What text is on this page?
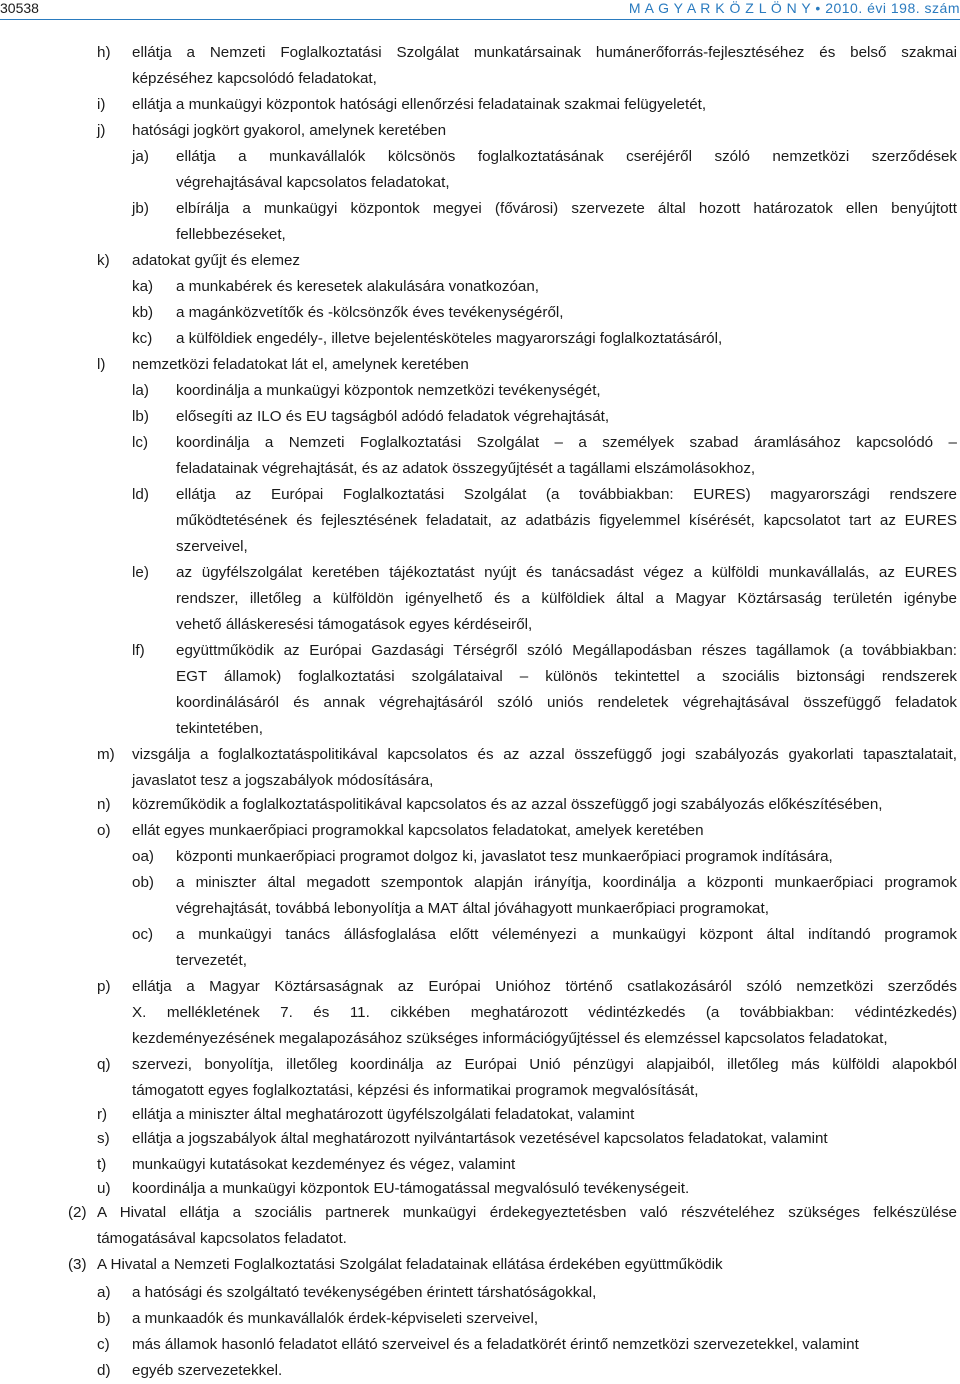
30538	M A G Y A R K Ö Z L Ö N Y • 2010. évi 198. szám
h) ellátja a Nemzeti Foglalkoztatási Szolgálat munkatársainak humánerőforrás-fejlesztéséhez és belső szakmai
képzéséhez kapcsolódó feladatokat,
i) ellátja a munkaügyi központok hatósági ellenőrzési feladatainak szakmai felügyeletét,
j) hatósági jogkört gyakorol, amelynek keretében
ja) ellátja a munkavállalók kölcsönös foglalkoztatásának cseréjéről szóló nemzetközi szerződések
végrehajtásával kapcsolatos feladatokat,
jb) elbírálja a munkaügyi központok megyei (fővárosi) szervezete által hozott határozatok ellen benyújtott
fellebbezéseket,
k) adatokat gyűjt és elemez
ka) a munkabérek és keresetek alakulására vonatkozóan,
kb) a magánközvetítők és -kölcsönzők éves tevékenységéről,
kc) a külföldiek engedély-, illetve bejelentésköteles magyarországi foglalkoztatásáról,
l) nemzetközi feladatokat lát el, amelynek keretében
la) koordinálja a munkaügyi központok nemzetközi tevékenységét,
lb) elősegíti az ILO és EU tagságból adódó feladatok végrehajtását,
lc) koordinálja a Nemzeti Foglalkoztatási Szolgálat – a személyek szabad áramlásához kapcsolódó –
feladatainak végrehajtását, és az adatok összegyűjtését a tagállami elszámolásokhoz,
ld) ellátja az Európai Foglalkoztatási Szolgálat (a továbbiakban: EURES) magyarországi rendszere
működtetésének és fejlesztésének feladatait, az adatbázis figyelemmel kísérését, kapcsolatot tart az EURES
szerveivel,
le) az ügyfélszolgálat keretében tájékoztatást nyújt és tanácsadást végez a külföldi munkavállalás, az EURES
rendszer, illetőleg a külföldön igényelhető és a külföldiek által a Magyar Köztársaság területén igénybe
vehető álláskeresési támogatások egyes kérdéseiről,
lf) együttműködik az Európai Gazdasági Térségről szóló Megállapodásban részes tagállamok (a továbbiakban:
EGT államok) foglalkoztatási szolgálataival – különös tekintettel a szociális biztonsági rendszerek
koordinálásáról és annak végrehajtásáról szóló uniós rendeletek végrehajtásával összefüggő feladatok
tekintetében,
m) vizsgálja a foglalkoztatáspolitikával kapcsolatos és az azzal összefüggő jogi szabályozás gyakorlati tapasztalatait,
javaslatot tesz a jogszabályok módosítására,
n) közreműködik a foglalkoztatáspolitikával kapcsolatos és az azzal összefüggő jogi szabályozás előkészítésében,
o) ellát egyes munkaerőpiaci programokkal kapcsolatos feladatokat, amelyek keretében
oa) központi munkaerőpiaci programot dolgoz ki, javaslatot tesz munkaerőpiaci programok indítására,
ob) a miniszter által megadott szempontok alapján irányítja, koordinálja a központi munkaerőpiaci programok
végrehajtását, továbbá lebonyolítja a MAT által jóváhagyott munkaerőpiaci programokat,
oc) a munkaügyi tanács állásfoglalása előtt véleményezi a munkaügyi központ által indítandó programok
tervezetét,
p) ellátja a Magyar Köztársaságnak az Európai Unióhoz történő csatlakozásáról szóló nemzetközi szerződés
X. mellékletének 7. és 11. cikkében meghatározott védintézkedés (a továbbiakban: védintézkedés)
kezdeményezésének megalapozásához szükséges információgyűjtéssel és elemzéssel kapcsolatos feladatokat,
q) szervezi, bonyolítja, illetőleg koordinálja az Európai Unió pénzügyi alapjaiból, illetőleg más külföldi alapokból
támogatott egyes foglalkoztatási, képzési és informatikai programok megvalósítását,
r) ellátja a miniszter által meghatározott ügyfélszolgálati feladatokat, valamint
s) ellátja a jogszabályok által meghatározott nyilvántartások vezetésével kapcsolatos feladatokat, valamint
t) munkaügyi kutatásokat kezdeményez és végez, valamint
u) koordinálja a munkaügyi központok EU-támogatással megvalósuló tevékenységeit.
(2) A Hivatal ellátja a szociális partnerek munkaügyi érdekegyeztetésben való részvételéhez szükséges felkészülése
támogatásával kapcsolatos feladatot.
(3) A Hivatal a Nemzeti Foglalkoztatási Szolgálat feladatainak ellátása érdekében együttműködik
a) a hatósági és szolgáltató tevékenységében érintett társhatóságokkal,
b) a munkaadók és munkavállalók érdek-képviseleti szerveivel,
c) más államok hasonló feladatot ellátó szerveivel és a feladatkörét érintő nemzetközi szervezetekkel, valamint
d) egyéb szervezetekkel.
